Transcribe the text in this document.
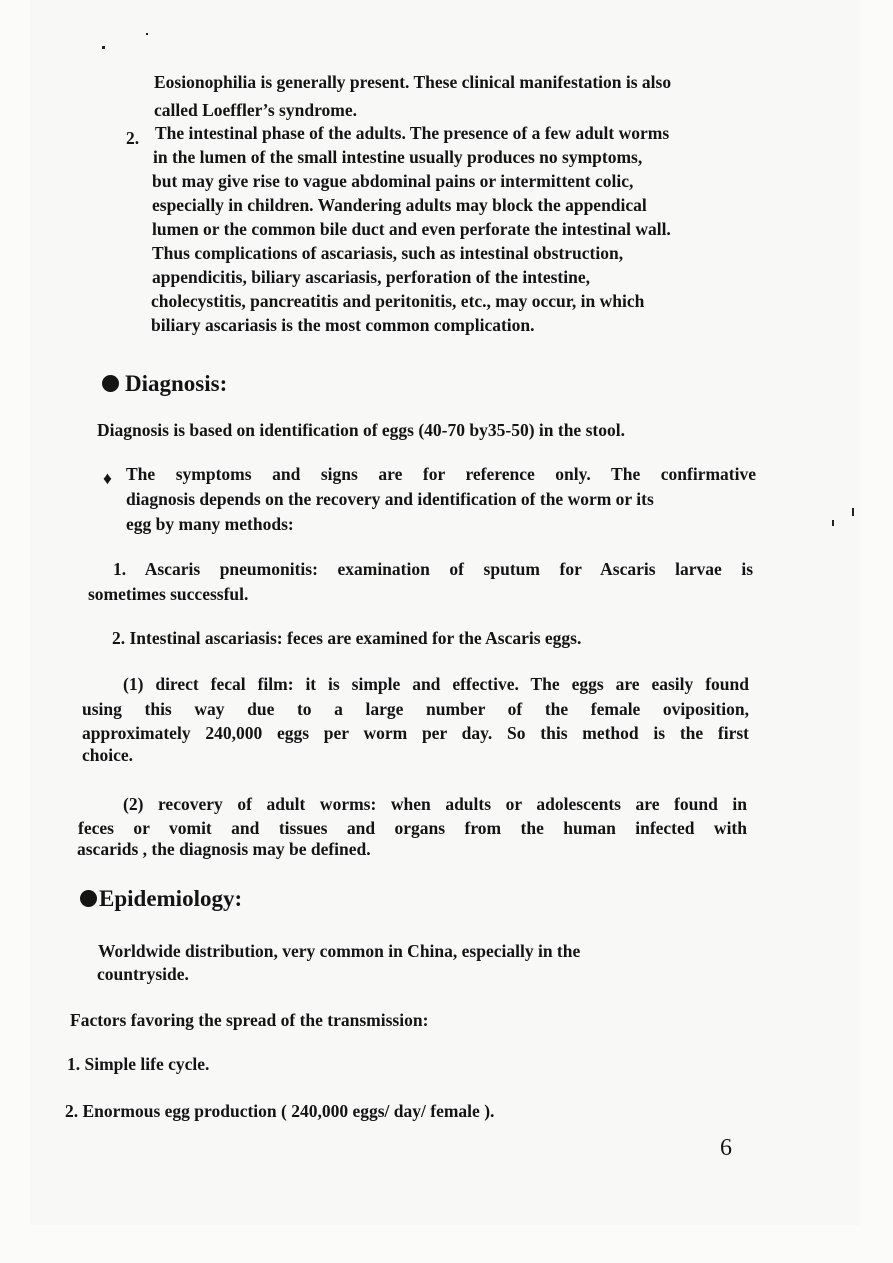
Eosionophilia is generally present. These clinical manifestation is also
called Loeffler’s syndrome.
2. The intestinal phase of the adults. The presence of a few adult worms
in the lumen of the small intestine usually produces no symptoms,
but may give rise to vague abdominal pains or intermittent colic,
especially in children. Wandering adults may block the appendical
lumen or the common bile duct and even perforate the intestinal wall.
Thus complications of ascariasis, such as intestinal obstruction,
appendicitis, biliary ascariasis, perforation of the intestine,
cholecystitis, pancreatitis and peritonitis, etc., may occur, in which
biliary ascariasis is the most common complication.
Diagnosis:
Diagnosis is based on identification of eggs (40-70 by35-50) in the stool.
♦ The symptoms and signs are for reference only. The confirmative
diagnosis depends on the recovery and identification of the worm or its
egg by many methods:
1. Ascaris pneumonitis: examination of sputum for Ascaris larvae is
sometimes successful.
2. Intestinal ascariasis: feces are examined for the Ascaris eggs.
(1) direct fecal film: it is simple and effective. The eggs are easily found
using this way due to a large number of the female oviposition,
approximately 240,000 eggs per worm per day. So this method is the first
choice.
(2) recovery of adult worms: when adults or adolescents are found in
feces or vomit and tissues and organs from the human infected with
ascarids , the diagnosis may be defined.
Epidemiology:
Worldwide distribution, very common in China, especially in the
countryside.
Factors favoring the spread of the transmission:
1. Simple life cycle.
2. Enormous egg production ( 240,000 eggs/ day/ female ).
6
